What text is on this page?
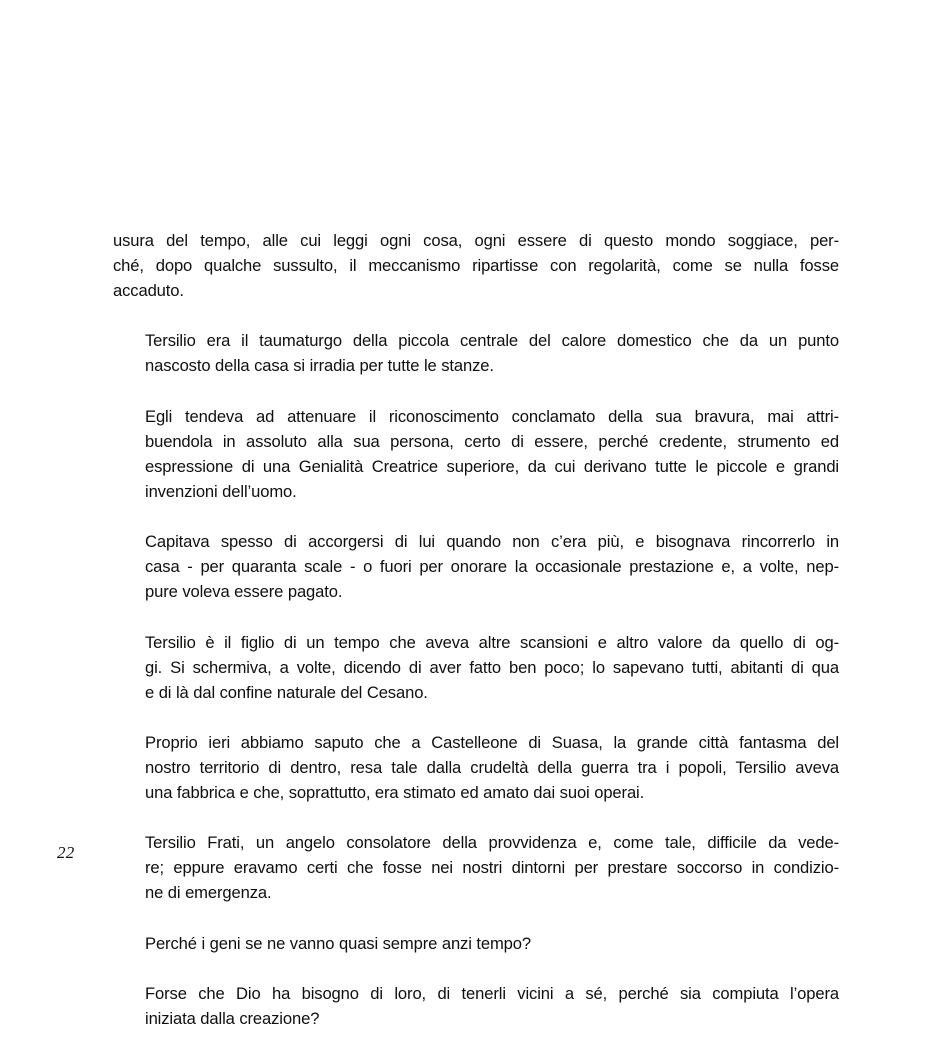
usura del tempo, alle cui leggi ogni cosa, ogni essere di questo mondo soggiace, per-
ché, dopo qualche sussulto, il meccanismo ripartisse con regolarità, come se nulla fosse
accaduto.

Tersilio era il taumaturgo della piccola centrale del calore domestico che da un punto
nascosto della casa si irradia per tutte le stanze.

Egli tendeva ad attenuare il riconoscimento conclamato della sua bravura, mai attri-
buendola in assoluto alla sua persona, certo di essere, perché credente, strumento ed
espressione di una Genialità Creatrice superiore, da cui derivano tutte le piccole e grandi
invenzioni dell’uomo.

Capitava spesso di accorgersi di lui quando non c’era più, e bisognava rincorrerlo in
casa - per quaranta scale - o fuori per onorare la occasionale prestazione e, a volte, nep-
pure voleva essere pagato.

Tersilio è il figlio di un tempo che aveva altre scansioni e altro valore da quello di og-
gi. Si schermiva, a volte, dicendo di aver fatto ben poco; lo sapevano tutti, abitanti di qua
e di là dal confine naturale del Cesano.

Proprio ieri abbiamo saputo che a Castelleone di Suasa, la grande città fantasma del
nostro territorio di dentro, resa tale dalla crudeltà della guerra tra i popoli, Tersilio aveva
una fabbrica e che, soprattutto, era stimato ed amato dai suoi operai.

Tersilio Frati, un angelo consolatore della provvidenza e, come tale, difficile da vede-
re; eppure eravamo certi che fosse nei nostri dintorni per prestare soccorso in condizio-
ne di emergenza.

Perché i geni se ne vanno quasi sempre anzi tempo?

Forse che Dio ha bisogno di loro, di tenerli vicini a sé, perché sia compiuta l’opera
iniziata dalla creazione?

22
